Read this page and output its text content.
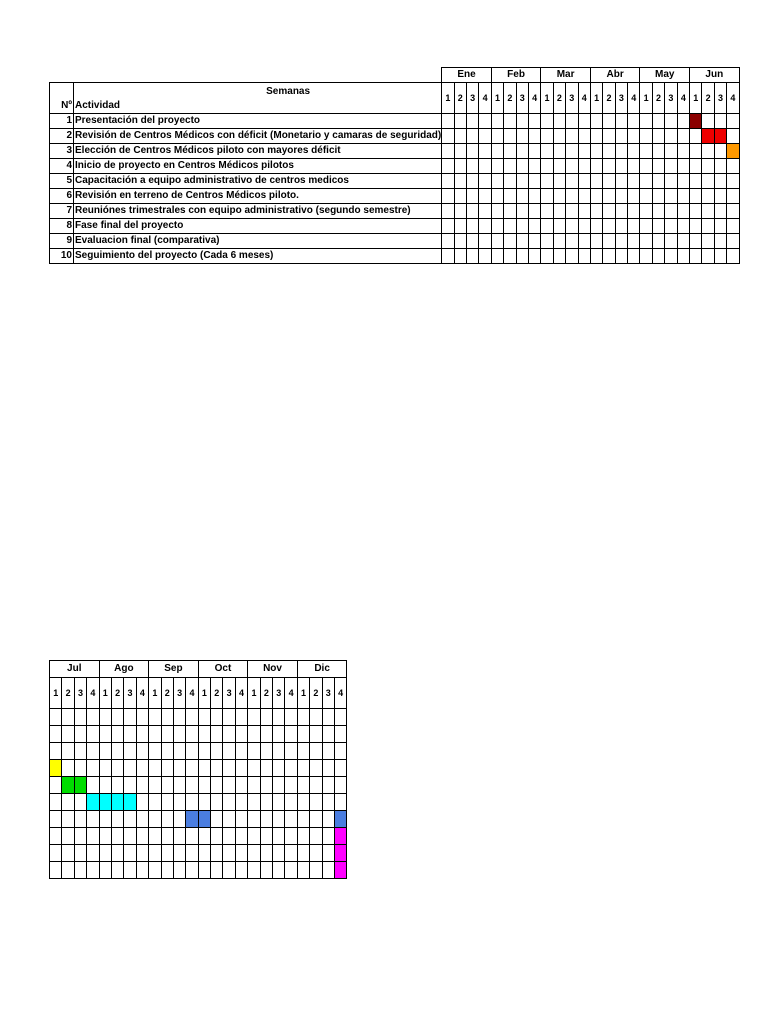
		Ene				Feb				Mar				Abr				May				Jun			
Nº	Semanas
Actividad	1	2	3	4	1	2	3	4	1	2	3	4	1	2	3	4	1	2	3	4	1	2	3	4
1	Presentación del proyecto																								
2	Revisión de Centros Médicos con déficit (Monetario y camaras de seguridad)																								
3	Elección de Centros Médicos piloto con mayores déficit																								
4	Inicio de proyecto en Centros Médicos pilotos																								
5	Capacitación a equipo administrativo de centros medicos																								
6	Revisión en terreno de Centros Médicos piloto.																								
7	Reuniónes trimestrales con equipo administrativo (segundo semestre)																								
8	Fase final del proyecto																								
9	Evaluacion final (comparativa)																								
10	Seguimiento del proyecto (Cada 6 meses)																								
Jul				Ago				Sep				Oct				Nov				Dic			
1	2	3	4	1	2	3	4	1	2	3	4	1	2	3	4	1	2	3	4	1	2	3	4
